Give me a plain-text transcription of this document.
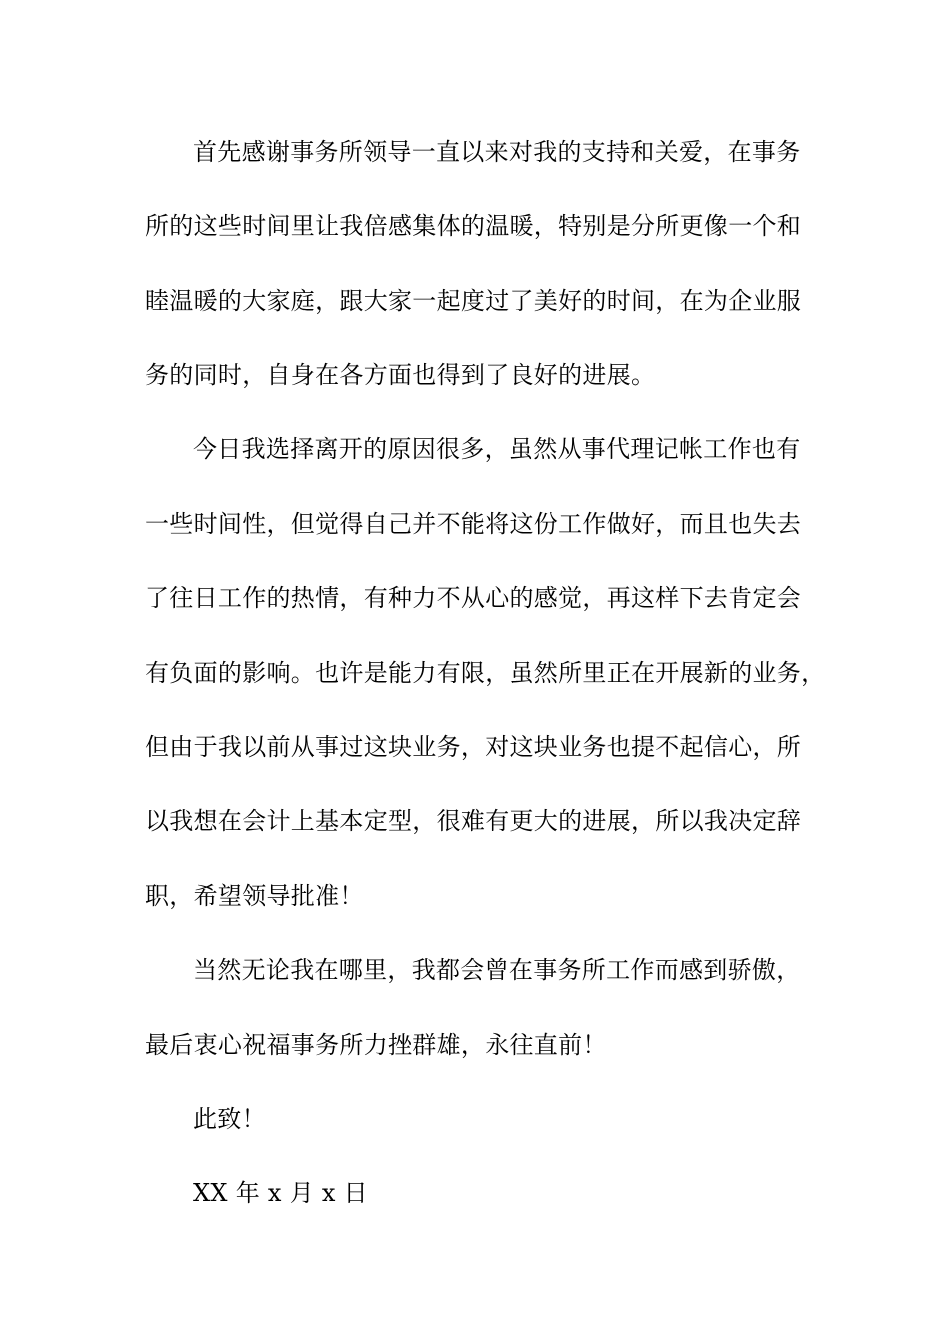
首先感谢事务所领导一直以来对我的支持和关爱，在事务

所的这些时间里让我倍感集体的温暖，特别是分所更像一个和

睦温暖的大家庭，跟大家一起度过了美好的时间，在为企业服

务的同时，自身在各方面也得到了良好的进展。

今日我选择离开的原因很多，虽然从事代理记帐工作也有

一些时间性，但觉得自己并不能将这份工作做好，而且也失去

了往日工作的热情，有种力不从心的感觉，再这样下去肯定会

有负面的影响。也许是能力有限，虽然所里正在开展新的业务，

但由于我以前从事过这块业务，对这块业务也提不起信心，所

以我想在会计上基本定型，很难有更大的进展，所以我决定辞

职，希望领导批准！

当然无论我在哪里，我都会曾在事务所工作而感到骄傲，

最后衷心祝福事务所力挫群雄，永往直前！

此致！

XX 年 x 月 x 日
